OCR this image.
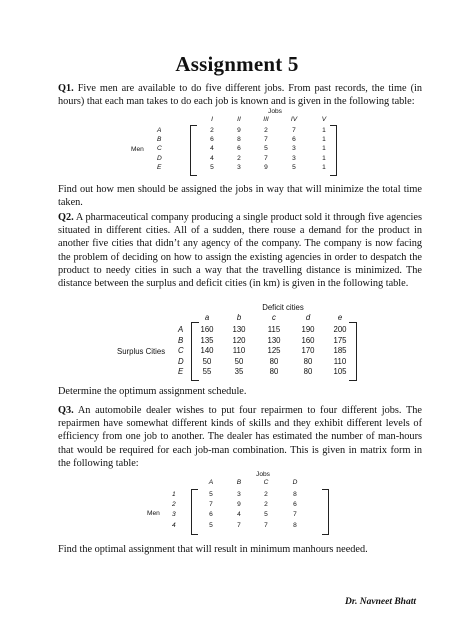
Assignment 5
Q1. Five men are available to do five different jobs. From past records, the time (in hours) that each man takes to do each job is known and is given in the following table:
Jobs
Men
I	II	III	IV	V
A	2	9	2	7	1
B	6	8	7	6	1
C	4	6	5	3	1
D	4	2	7	3	1
E	5	3	9	5	1
Find out how men should be assigned the jobs in way that will minimize the total time taken.
Q2. A pharmaceutical company producing a single product sold it through five agencies situated in different cities. All of a sudden, there rouse a demand for the product in another five cities that didn’t any agency of the company. The company is now facing the problem of deciding on how to assign the existing agencies in order to despatch the product to needy cities in such a way that the travelling distance is minimized. The distance between the surplus and deficit cities (in km) is given in the following table.
Deficit cities
Surplus Cities
a	b	c	d	e
A	160	130	115	190	200
B	135	120	130	160	175
C	140	110	125	170	185
D	50	50	80	80	110
E	55	35	80	80	105
Determine the optimum assignment schedule.
Q3. An automobile dealer wishes to put four repairmen to four different jobs. The repairmen have somewhat different kinds of skills and they exhibit different levels of efficiency from one job to another. The dealer has estimated the number of man-hours that would be required for each job-man combination. This is given in matrix form in the following table:
Jobs
Men
A	B	C	D
1	5	3	2	8
2	7	9	2	6
3	6	4	5	7
4	5	7	7	8
Find the optimal assignment that will result in minimum manhours needed.
Dr. Navneet Bhatt
